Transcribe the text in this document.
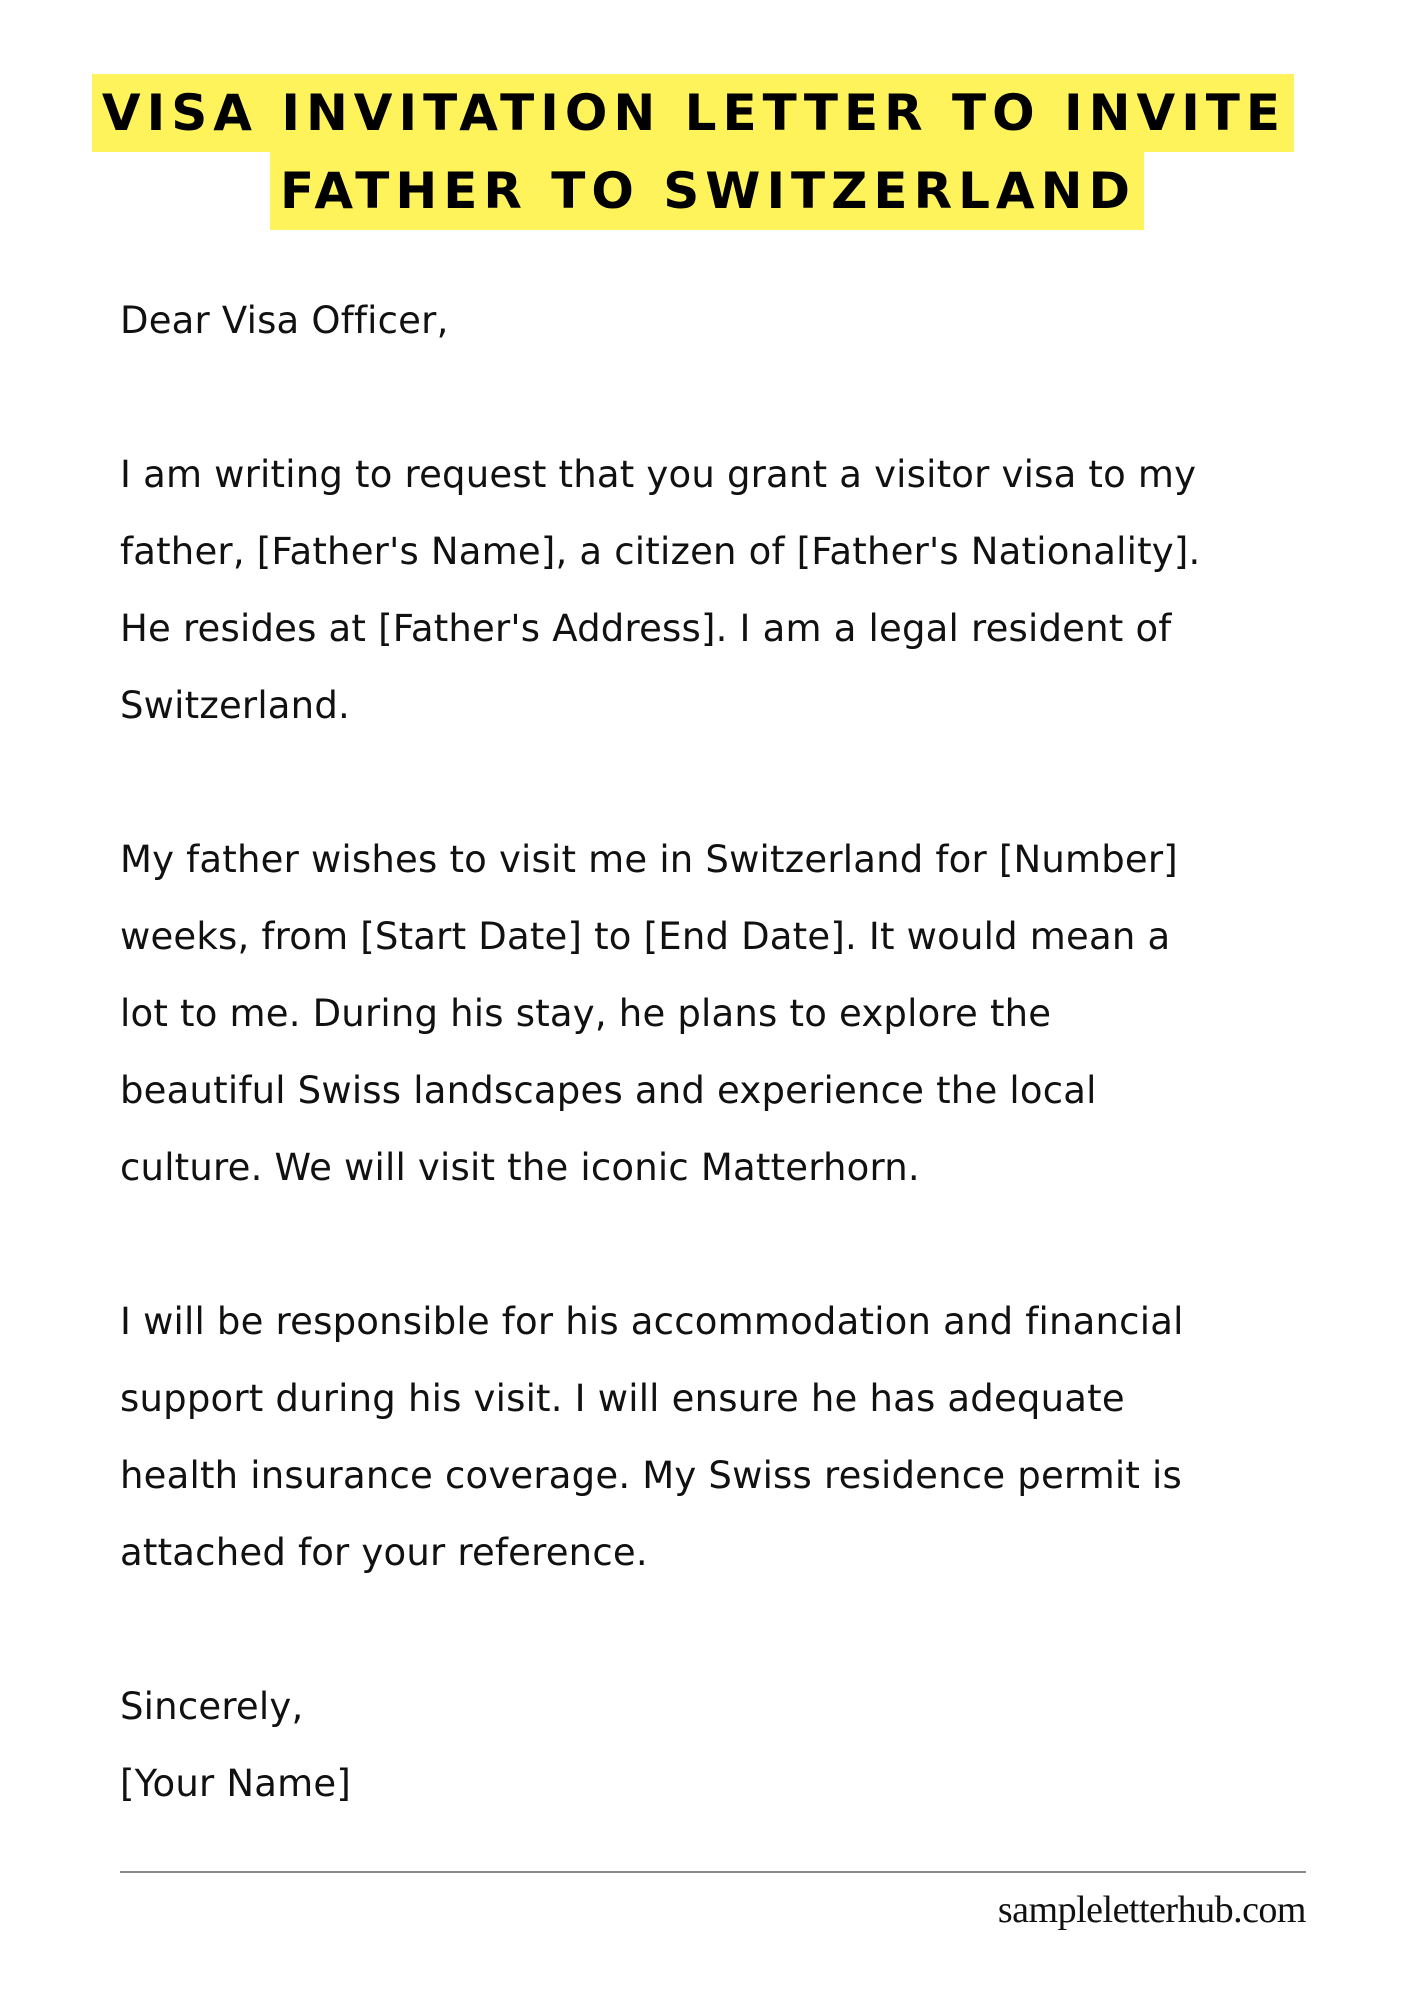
VISA INVITATION LETTER TO INVITE
FATHER TO SWITZERLAND

Dear Visa Officer,

I am writing to request that you grant a visitor visa to my

father, [Father's Name], a citizen of [Father's Nationality].

He resides at [Father's Address]. I am a legal resident of

Switzerland.

My father wishes to visit me in Switzerland for [Number]

weeks, from [Start Date] to [End Date]. It would mean a

lot to me. During his stay, he plans to explore the

beautiful Swiss landscapes and experience the local

culture. We will visit the iconic Matterhorn.

I will be responsible for his accommodation and financial

support during his visit. I will ensure he has adequate

health insurance coverage. My Swiss residence permit is

attached for your reference.

Sincerely,

[Your Name]

sampleletterhub.com
